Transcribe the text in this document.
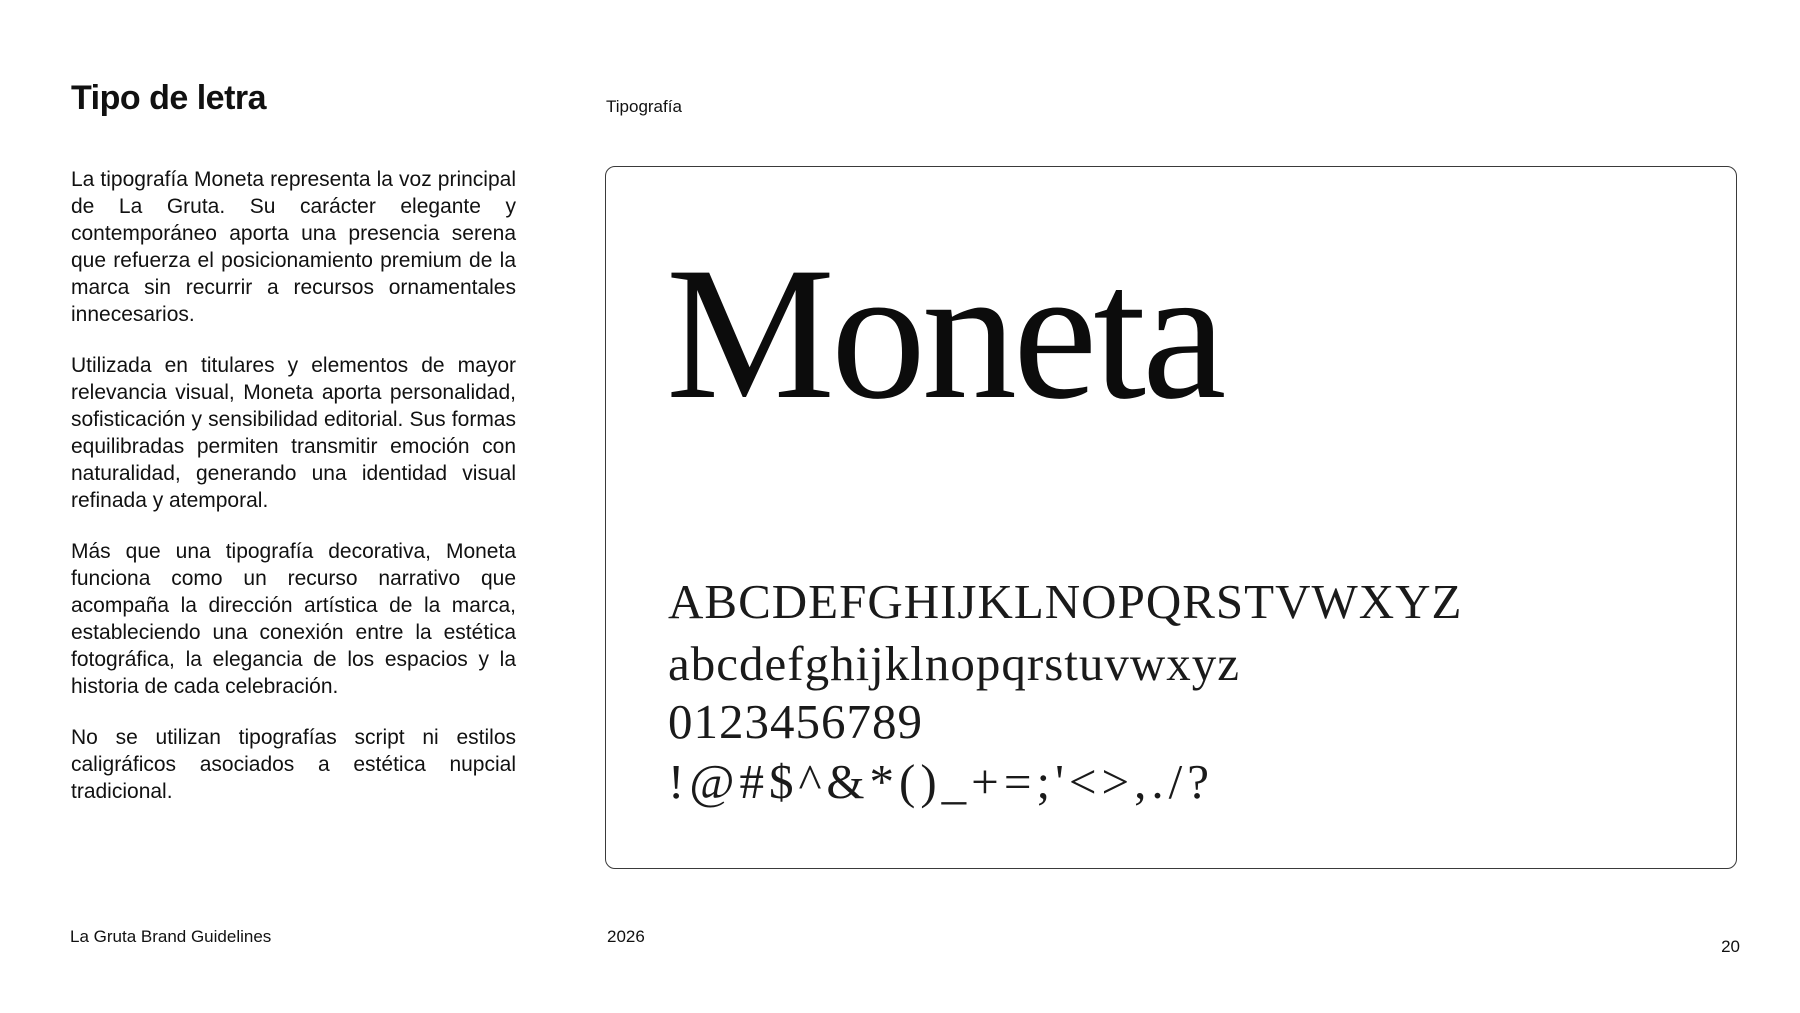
Tipo de letra	Tipografía

La tipografía Moneta representa la voz principal de La Gruta. Su carácter elegante y contemporáneo aporta una presencia serena que refuerza el posicionamiento premium de la marca sin recurrir a recursos ornamentales innecesarios.

Utilizada en titulares y elementos de mayor relevancia visual, Moneta aporta personalidad, sofisticación y sensibilidad editorial. Sus formas equilibradas permiten transmitir emoción con naturalidad, generando una identidad visual refinada y atemporal.

Más que una tipografía decorativa, Moneta funciona como un recurso narrativo que acompaña la dirección artística de la marca, estableciendo una conexión entre la estética fotográfica, la elegancia de los espacios y la historia de cada celebración.

No se utilizan tipografías script ni estilos caligráficos asociados a estética nupcial tradicional.

Moneta
ABCDEFGHIJKLNOPQRSTVWXYZ
abcdefghijklnopqrstuvwxyz
0123456789
!@#$^&*()_+=;'<>,./?
La Gruta Brand Guidelines	2026
20
